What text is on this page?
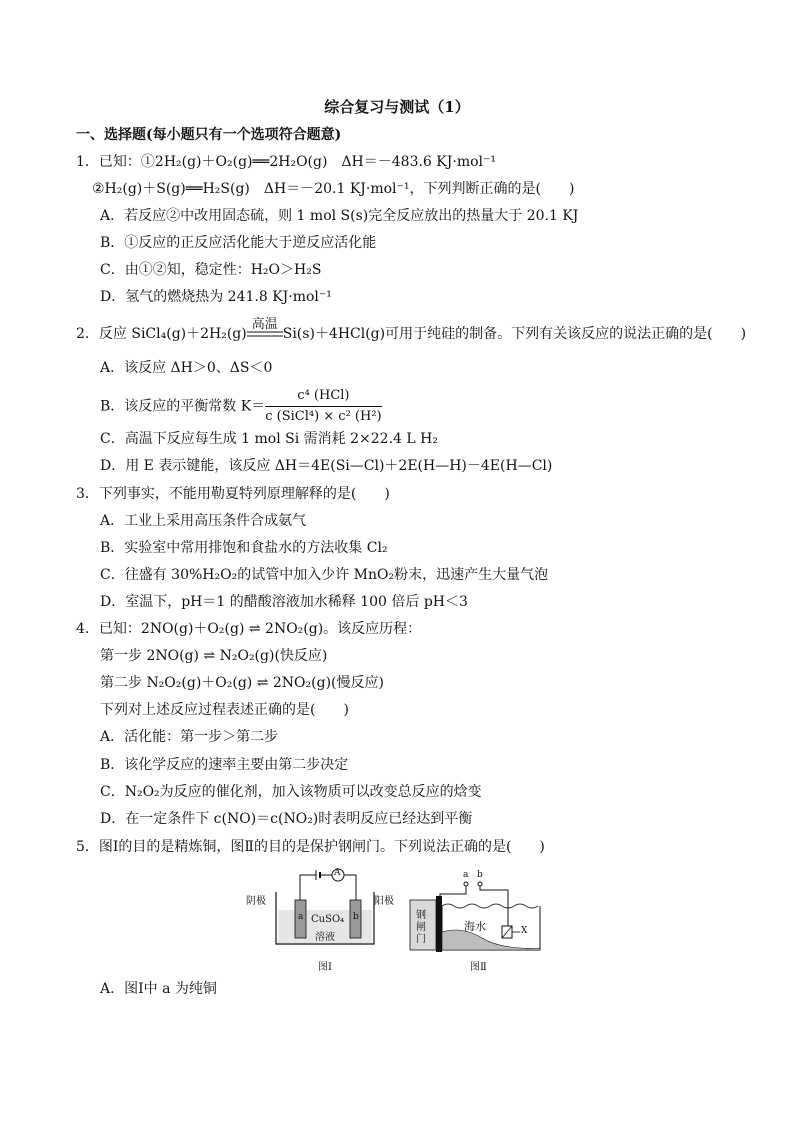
综合复习与测试（1）
一、选择题(每小题只有一个选项符合题意)
1．已知：①2H₂(g)＋O₂(g)══2H₂O(g)　ΔH＝－483.6 KJ·mol⁻¹
②H₂(g)＋S(g)══H₂S(g)　ΔH＝－20.1 KJ·mol⁻¹，下列判断正确的是(　　)
A．若反应②中改用固态硫，则 1 mol S(s)完全反应放出的热量大于 20.1 KJ
B．①反应的正反应活化能大于逆反应活化能
C．由①②知，稳定性：H₂O＞H₂S
D．氢气的燃烧热为 241.8 KJ·mol⁻¹
2．反应 SiCl₄(g)＋2H₂(g)
高温
Si(s)＋4HCl(g)可用于纯硅的制备。下列有关该反应的说法正确的是(　　)
A．该反应 ΔH＞0、ΔS＜0
B．该反应的平衡常数 $K= \frac{\text{c⁴ (HCl)}}{\text{c (SiCl⁴) × c² (H²)}}$
C．高温下反应每生成 1 mol Si 需消耗 2×22.4 L H₂
D．用 E 表示键能，该反应 ΔH＝4E(Si—Cl)＋2E(H—H)－4E(H—Cl)
3．下列事实，不能用勒夏特列原理解释的是(　　)
A．工业上采用高压条件合成氨气
B．实验室中常用排饱和食盐水的方法收集 Cl₂
C．往盛有 30%H₂O₂的试管中加入少许 MnO₂粉末，迅速产生大量气泡
D．室温下，pH＝1 的醋酸溶液加水稀释 100 倍后 pH＜3
4．已知：2NO(g)＋O₂(g) ⇌ 2NO₂(g)。该反应历程：
第一步 2NO(g) ⇌ N₂O₂(g)(快反应)
第二步 N₂O₂(g)＋O₂(g) ⇌ 2NO₂(g)(慢反应)
下列对上述反应过程表述正确的是(　　)
A．活化能：第一步＞第二步
B．该化学反应的速率主要由第二步决定
C．N₂O₂为反应的催化剂，加入该物质可以改变总反应的焓变
D．在一定条件下 c(NO)＝c(NO₂)时表明反应已经达到平衡
5．图Ⅰ的目的是精炼铜，图Ⅱ的目的是保护钢闸门。下列说法正确的是(　　)
阴极	阳极
A
a	b
CuSO₄
溶液
图Ⅰ
a b
钢
闸
门
海水	X
图Ⅱ
A．图Ⅰ中 a 为纯铜
